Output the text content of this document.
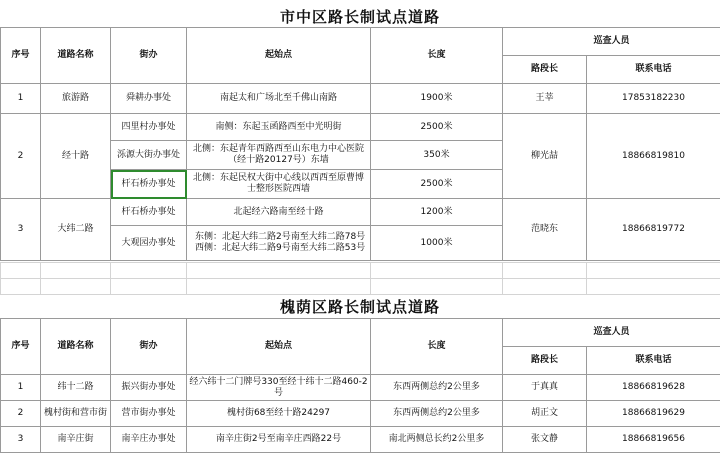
市中区路长制试点道路
序号	道路名称	街办	起始点	长度	巡查人员	
					路段长	联系电话
1	旅游路	舜耕办事处	南起太和广场北至千佛山南路	1900米	王莘	17853182230
2	经十路	四里村办事处	南侧：东起玉函路西至中光明街	2500米	柳光喆	18866819810
		泺源大街办事处	北侧：东起青年西路西至山东电力中心医院（经十路20127号）东墙	350米		
		杆石桥办事处	北侧：东起民权大街中心线以西西至原曹博士整形医院西墙	2500米		
3	大纬二路	杆石桥办事处	北起经六路南至经十路	1200米	范晓东	18866819772
		大观园办事处	东侧：北起大纬二路2号南至大纬二路78号
西侧：北起大纬二路9号南至大纬二路53号	1000米		

槐荫区路长制试点道路
序号	道路名称	街办	起始点	长度	巡查人员	
					路段长	联系电话
1	纬十二路	振兴街办事处	经六纬十二门牌号330至经十纬十二路460-2号	东西两侧总约2公里多	于真真	18866819628
2	槐村街和营市街	营市街办事处	槐村街68至经十路24297	东西两侧总约2公里多	胡正文	18866819629
3	南辛庄街	南辛庄办事处	南辛庄街2号至南辛庄西路22号	南北两侧总长约2公里多	张文静	18866819656
